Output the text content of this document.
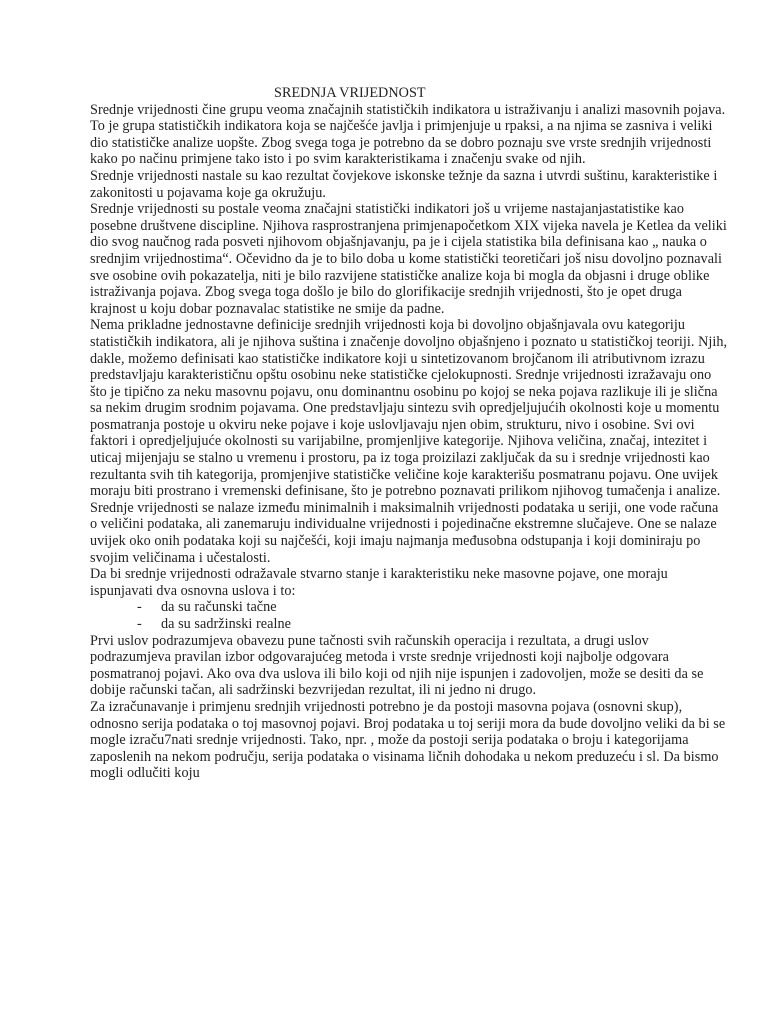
SREDNJA VRIJEDNOST

Srednje vrijednosti čine grupu veoma značajnih statističkih indikatora u istraživanju i analizi masovnih pojava. To je grupa statističkih indikatora koja se najčešće javlja i primjenjuje u rpaksi, a na njima se zasniva i veliki dio statističke analize uopšte. Zbog svega toga je potrebno da se dobro poznaju sve vrste srednjih vrijednosti kako po načinu primjene tako isto i po svim karakteristikama i značenju svake od njih.

Srednje vrijednosti nastale su kao rezultat čovjekove iskonske težnje da sazna i utvrdi suštinu, karakteristike i zakonitosti u pojavama koje ga okružuju.

Srednje vrijednosti su postale veoma značajni statistički indikatori još u vrijeme nastajanjastatistike kao posebne društvene discipline. Njihova rasprostranjena primjenapočetkom XIX vijeka navela je Ketlea da veliki dio svog naučnog rada posveti njihovom objašnjavanju, pa je i cijela statistika bila definisana kao „ nauka o srednjim vrijednostima“. Očevidno da je to bilo doba u kome statistički teoretičari još nisu dovoljno poznavali sve osobine ovih pokazatelja, niti je bilo razvijene statističke analize koja bi mogla da objasni i druge oblike istraživanja pojava. Zbog svega toga došlo je bilo do glorifikacije srednjih vrijednosti, što je opet druga krajnost u koju dobar poznavalac statistike ne smije da padne.

Nema prikladne jednostavne definicije srednjih vrijednosti koja bi dovoljno objašnjavala ovu kategoriju statističkih indikatora, ali je njihova suština i značenje dovoljno objašnjeno i poznato u statističkoj teoriji. Njih, dakle, možemo definisati kao statističke indikatore koji u sintetizovanom brojčanom ili atributivnom izrazu predstavljaju karakterističnu opštu osobinu neke statističke cjelokupnosti. Srednje vrijednosti izražavaju ono što je tipično za neku masovnu pojavu, onu dominantnu osobinu po kojoj se neka pojava razlikuje ili je slična sa nekim drugim srodnim pojavama. One predstavljaju sintezu svih opredjeljujućih okolnosti koje u momentu posmatranja postoje u okviru neke pojave i koje uslovljavaju njen obim, strukturu, nivo i osobine. Svi ovi faktori i opredjeljujuće okolnosti su varijabilne, promjenljive kategorije. Njihova veličina, značaj, intezitet i uticaj mijenjaju se stalno u vremenu i prostoru, pa iz toga proizilazi zaključak da su i srednje vrijednosti kao rezultanta svih tih kategorija, promjenjive statističke veličine koje karakterišu posmatranu pojavu. One uvijek moraju biti prostrano i vremenski definisane, što je potrebno poznavati prilikom njihovog tumačenja i analize.

Srednje vrijednosti se nalaze između minimalnih i maksimalnih vrijednosti podataka u seriji, one vode računa o veličini podataka, ali zanemaruju individualne vrijednosti i pojedinačne ekstremne slučajeve. One se nalaze uvijek oko onih podataka koji su najčešći, koji imaju najmanja međusobna odstupanja i koji dominiraju po svojim veličinama i učestalosti.

Da bi srednje vrijednosti odražavale stvarno stanje i karakteristiku neke masovne pojave, one moraju ispunjavati dva osnovna uslova i to:

- da su računski tačne
- da su sadržinski realne

Prvi uslov podrazumjeva obavezu pune tačnosti svih računskih operacija i rezultata, a drugi uslov podrazumjeva pravilan izbor odgovarajućeg metoda i vrste srednje vrijednosti koji najbolje odgovara posmatranoj pojavi. Ako ova dva uslova ili bilo koji od njih nije ispunjen i zadovoljen, može se desiti da se dobije računski tačan, ali sadržinski bezvrijedan rezultat, ili ni jedno ni drugo.

Za izračunavanje i primjenu srednjih vrijednosti potrebno je da postoji masovna pojava (osnovni skup), odnosno serija podataka o toj masovnoj pojavi. Broj podataka u toj seriji mora da bude dovoljno veliki da bi se mogle izraču7nati srednje vrijednosti. Tako, npr. , može da postoji serija podataka o broju i kategorijama zaposlenih na nekom području, serija podataka o visinama ličnih dohodaka u nekom preduzeću i sl. Da bismo mogli odlučiti koju
